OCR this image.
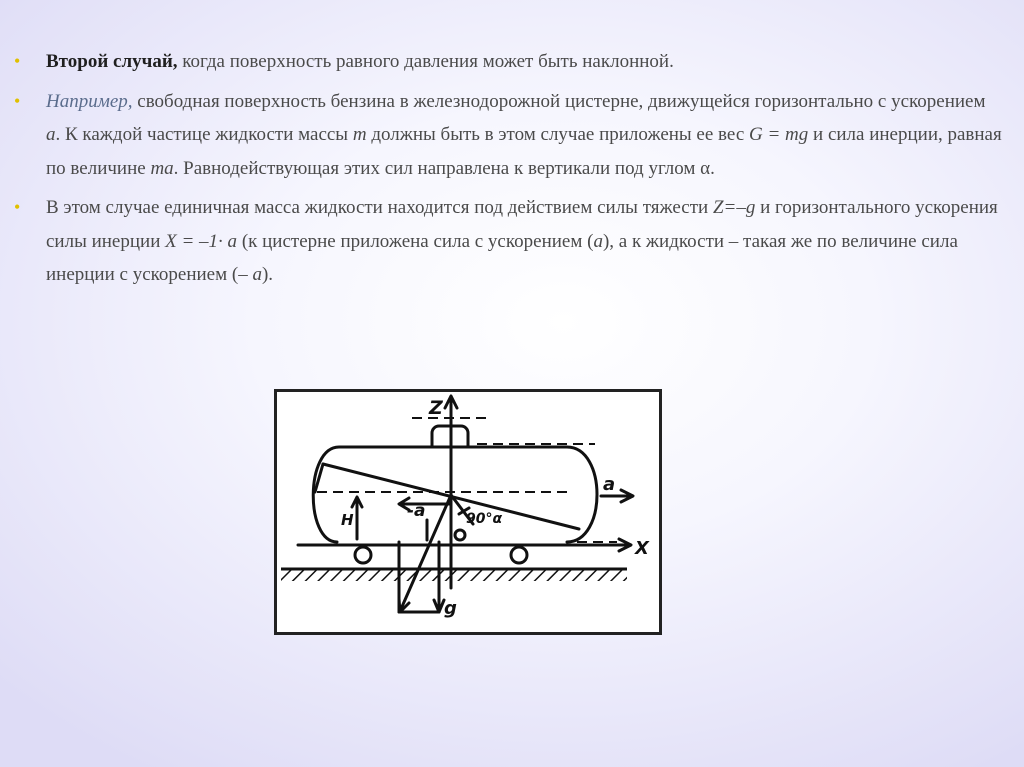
• Второй случай, когда поверхность равного давления может быть наклонной.
• Например, свободная поверхность бензина в железнодорожной цистерне, движущейся горизонтально с ускорением а. К каждой частице жидкости массы т должны быть в этом случае приложены ее вес G = mg и сила инерции, равная по величине ma. Равнодействующая этих сил направлена к вертикали под углом α.
• В этом случае единичная масса жидкости находится под действием силы тяжести Z=–g и горизонтального ускорения силы инерции X = –1· a (к цистерне приложена сила с ускорением (a), а к жидкости – такая же по величине сила инерции с ускорением (– а).
Z
X
a
-a
H
g
90°α
